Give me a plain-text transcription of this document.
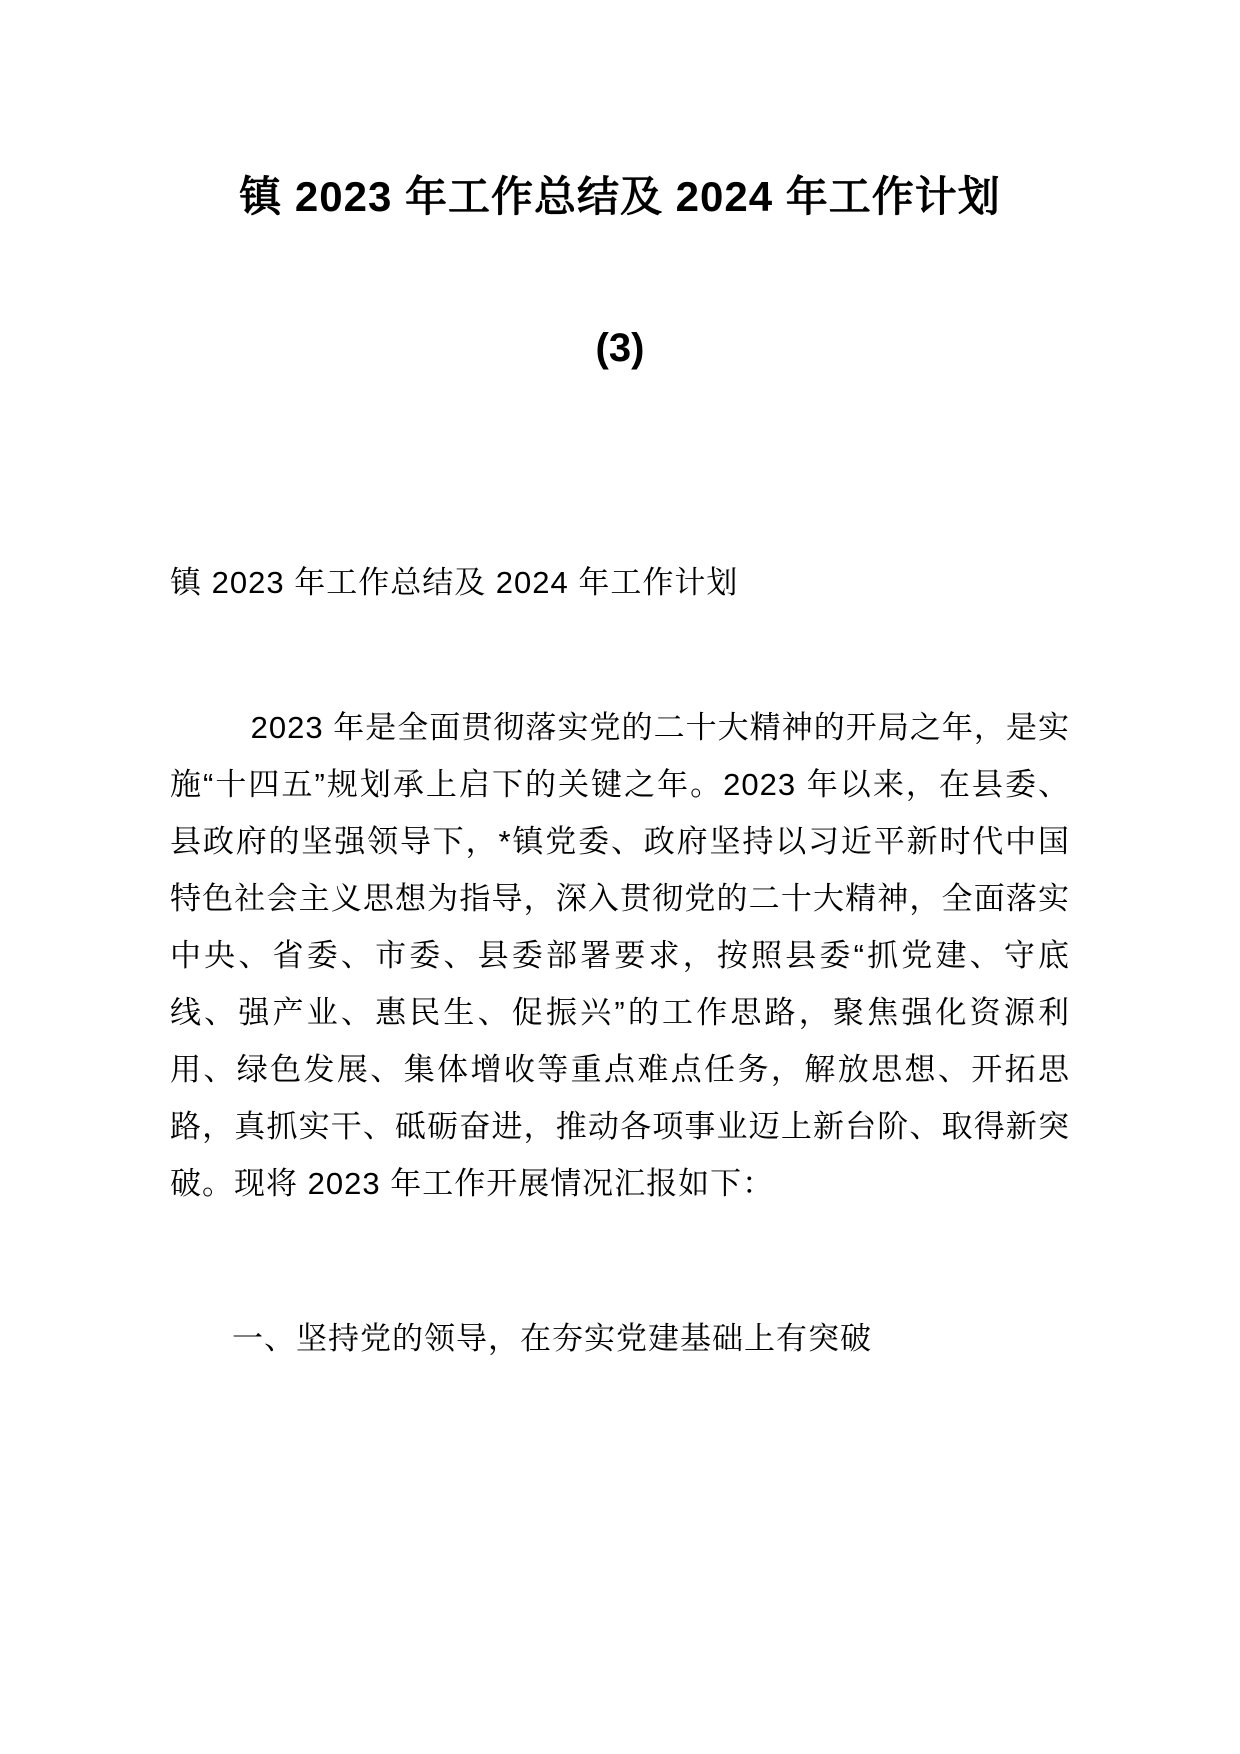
镇 2023 年工作总结及 2024 年工作计划
(3)

镇 2023 年工作总结及 2024 年工作计划

2023 年是全面贯彻落实党的二十大精神的开局之年，是实施“十四五”规划承上启下的关键之年。2023 年以来，在县委、县政府的坚强领导下，*镇党委、政府坚持以习近平新时代中国特色社会主义思想为指导，深入贯彻党的二十大精神，全面落实中央、省委、市委、县委部署要求，按照县委“抓党建、守底线、强产业、惠民生、促振兴”的工作思路，聚焦强化资源利用、绿色发展、集体增收等重点难点任务，解放思想、开拓思路，真抓实干、砥砺奋进，推动各项事业迈上新台阶、取得新突破。现将 2023 年工作开展情况汇报如下：

一、坚持党的领导，在夯实党建基础上有突破
